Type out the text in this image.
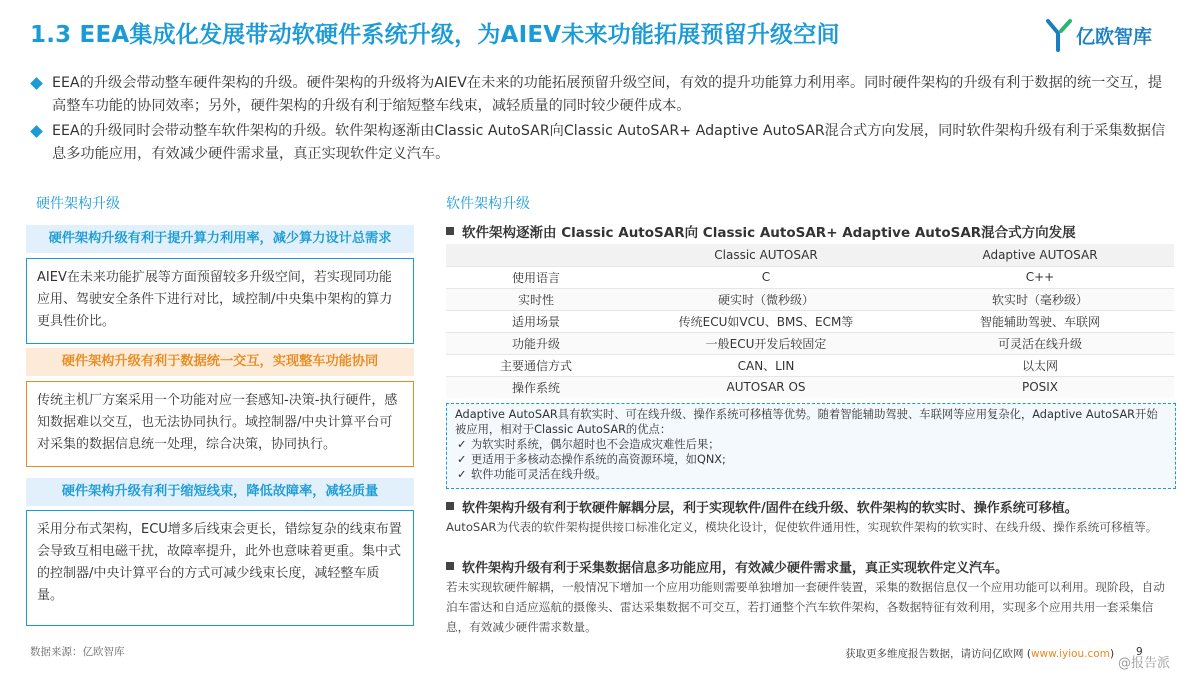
1.3 EEA集成化发展带动软硬件系统升级，为AIEV未来功能拓展预留升级空间	亿欧智库
EEA的升级会带动整车硬件架构的升级。硬件架构的升级将为AIEV在未来的功能拓展预留升级空间，有效的提升功能算力利用率。同时硬件架构的升级有利于数据的统一交互，提高整车功能的协同效率；另外，硬件架构的升级有利于缩短整车线束，减轻质量的同时较少硬件成本。
EEA的升级同时会带动整车软件架构的升级。软件架构逐渐由Classic AutoSAR向Classic AutoSAR+ Adaptive AutoSAR混合式方向发展，同时软件架构升级有利于采集数据信息多功能应用，有效减少硬件需求量，真正实现软件定义汽车。
硬件架构升级
硬件架构升级有利于提升算力利用率，减少算力设计总需求
AIEV在未来功能扩展等方面预留较多升级空间，若实现同功能应用、驾驶安全条件下进行对比，域控制/中央集中架构的算力更具性价比。
硬件架构升级有利于数据统一交互，实现整车功能协同
传统主机厂方案采用一个功能对应一套感知-决策-执行硬件，感知数据难以交互，也无法协同执行。域控制器/中央计算平台可对采集的数据信息统一处理，综合决策，协同执行。
硬件架构升级有利于缩短线束，降低故障率，减轻质量
采用分布式架构，ECU增多后线束会更长，错综复杂的线束布置会导致互相电磁干扰，故障率提升，此外也意味着更重。集中式的控制器/中央计算平台的方式可减少线束长度，减轻整车质量。
软件架构升级
软件架构逐渐由 Classic AutoSAR向 Classic AutoSAR+ Adaptive AutoSAR混合式方向发展
	Classic AUTOSAR	Adaptive AUTOSAR
使用语言	C	C++
实时性	硬实时（微秒级）	软实时（毫秒级）
适用场景	传统ECU如VCU、BMS、ECM等	智能辅助驾驶、车联网
功能升级	一般ECU开发后较固定	可灵活在线升级
主要通信方式	CAN、LIN	以太网
操作系统	AUTOSAR OS	POSIX
Adaptive AutoSAR具有软实时、可在线升级、操作系统可移植等优势。随着智能辅助驾驶、车联网等应用复杂化，Adaptive AutoSAR开始被应用，相对于Classic AutoSAR的优点：
✓ 为软实时系统，偶尔超时也不会造成灾难性后果；
✓ 更适用于多核动态操作系统的高资源环境，如QNX;
✓ 软件功能可灵活在线升级。
软件架构升级有利于软硬件解耦分层，利于实现软件/固件在线升级、软件架构的软实时、操作系统可移植。
AutoSAR为代表的软件架构提供接口标准化定义，模块化设计，促使软件通用性，实现软件架构的软实时、在线升级、操作系统可移植等。
软件架构升级有利于采集数据信息多功能应用，有效减少硬件需求量，真正实现软件定义汽车。
若未实现软硬件解耦，一般情况下增加一个应用功能则需要单独增加一套硬件装置，采集的数据信息仅一个应用功能可以利用。现阶段，自动泊车雷达和自适应巡航的摄像头、雷达采集数据不可交互，若打通整个汽车软件架构，各数据特征有效利用，实现多个应用共用一套采集信息，有效减少硬件需求数量。
数据来源：亿欧智库	获取更多维度报告数据，请访问亿欧网 (www.iyiou.com) 9
@报告派
